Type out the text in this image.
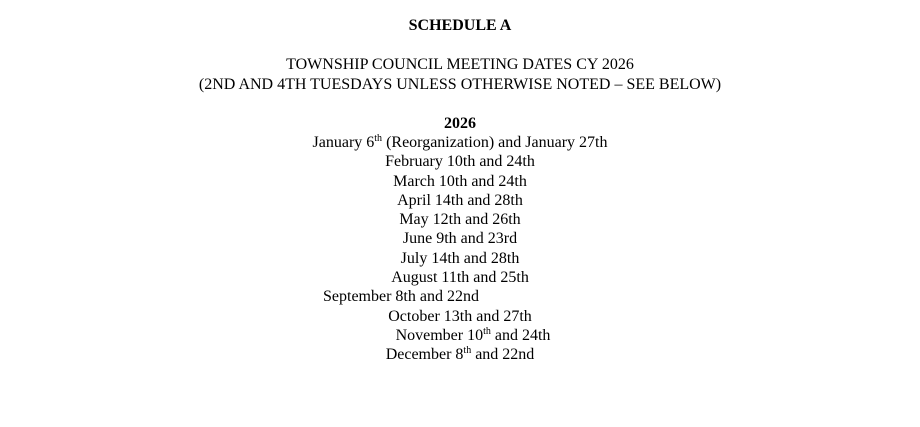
SCHEDULE A
TOWNSHIP COUNCIL MEETING DATES CY 2026
(2ND AND 4TH TUESDAYS UNLESS OTHERWISE NOTED – SEE BELOW)
2026
January 6th (Reorganization) and January 27th
February 10th and 24th
March 10th and 24th
April 14th and 28th
May 12th and 26th
June 9th and 23rd
July 14th and 28th
August 11th and 25th
September 8th and 22nd
October 13th and 27th
November 10th and 24th
December 8th and 22nd
